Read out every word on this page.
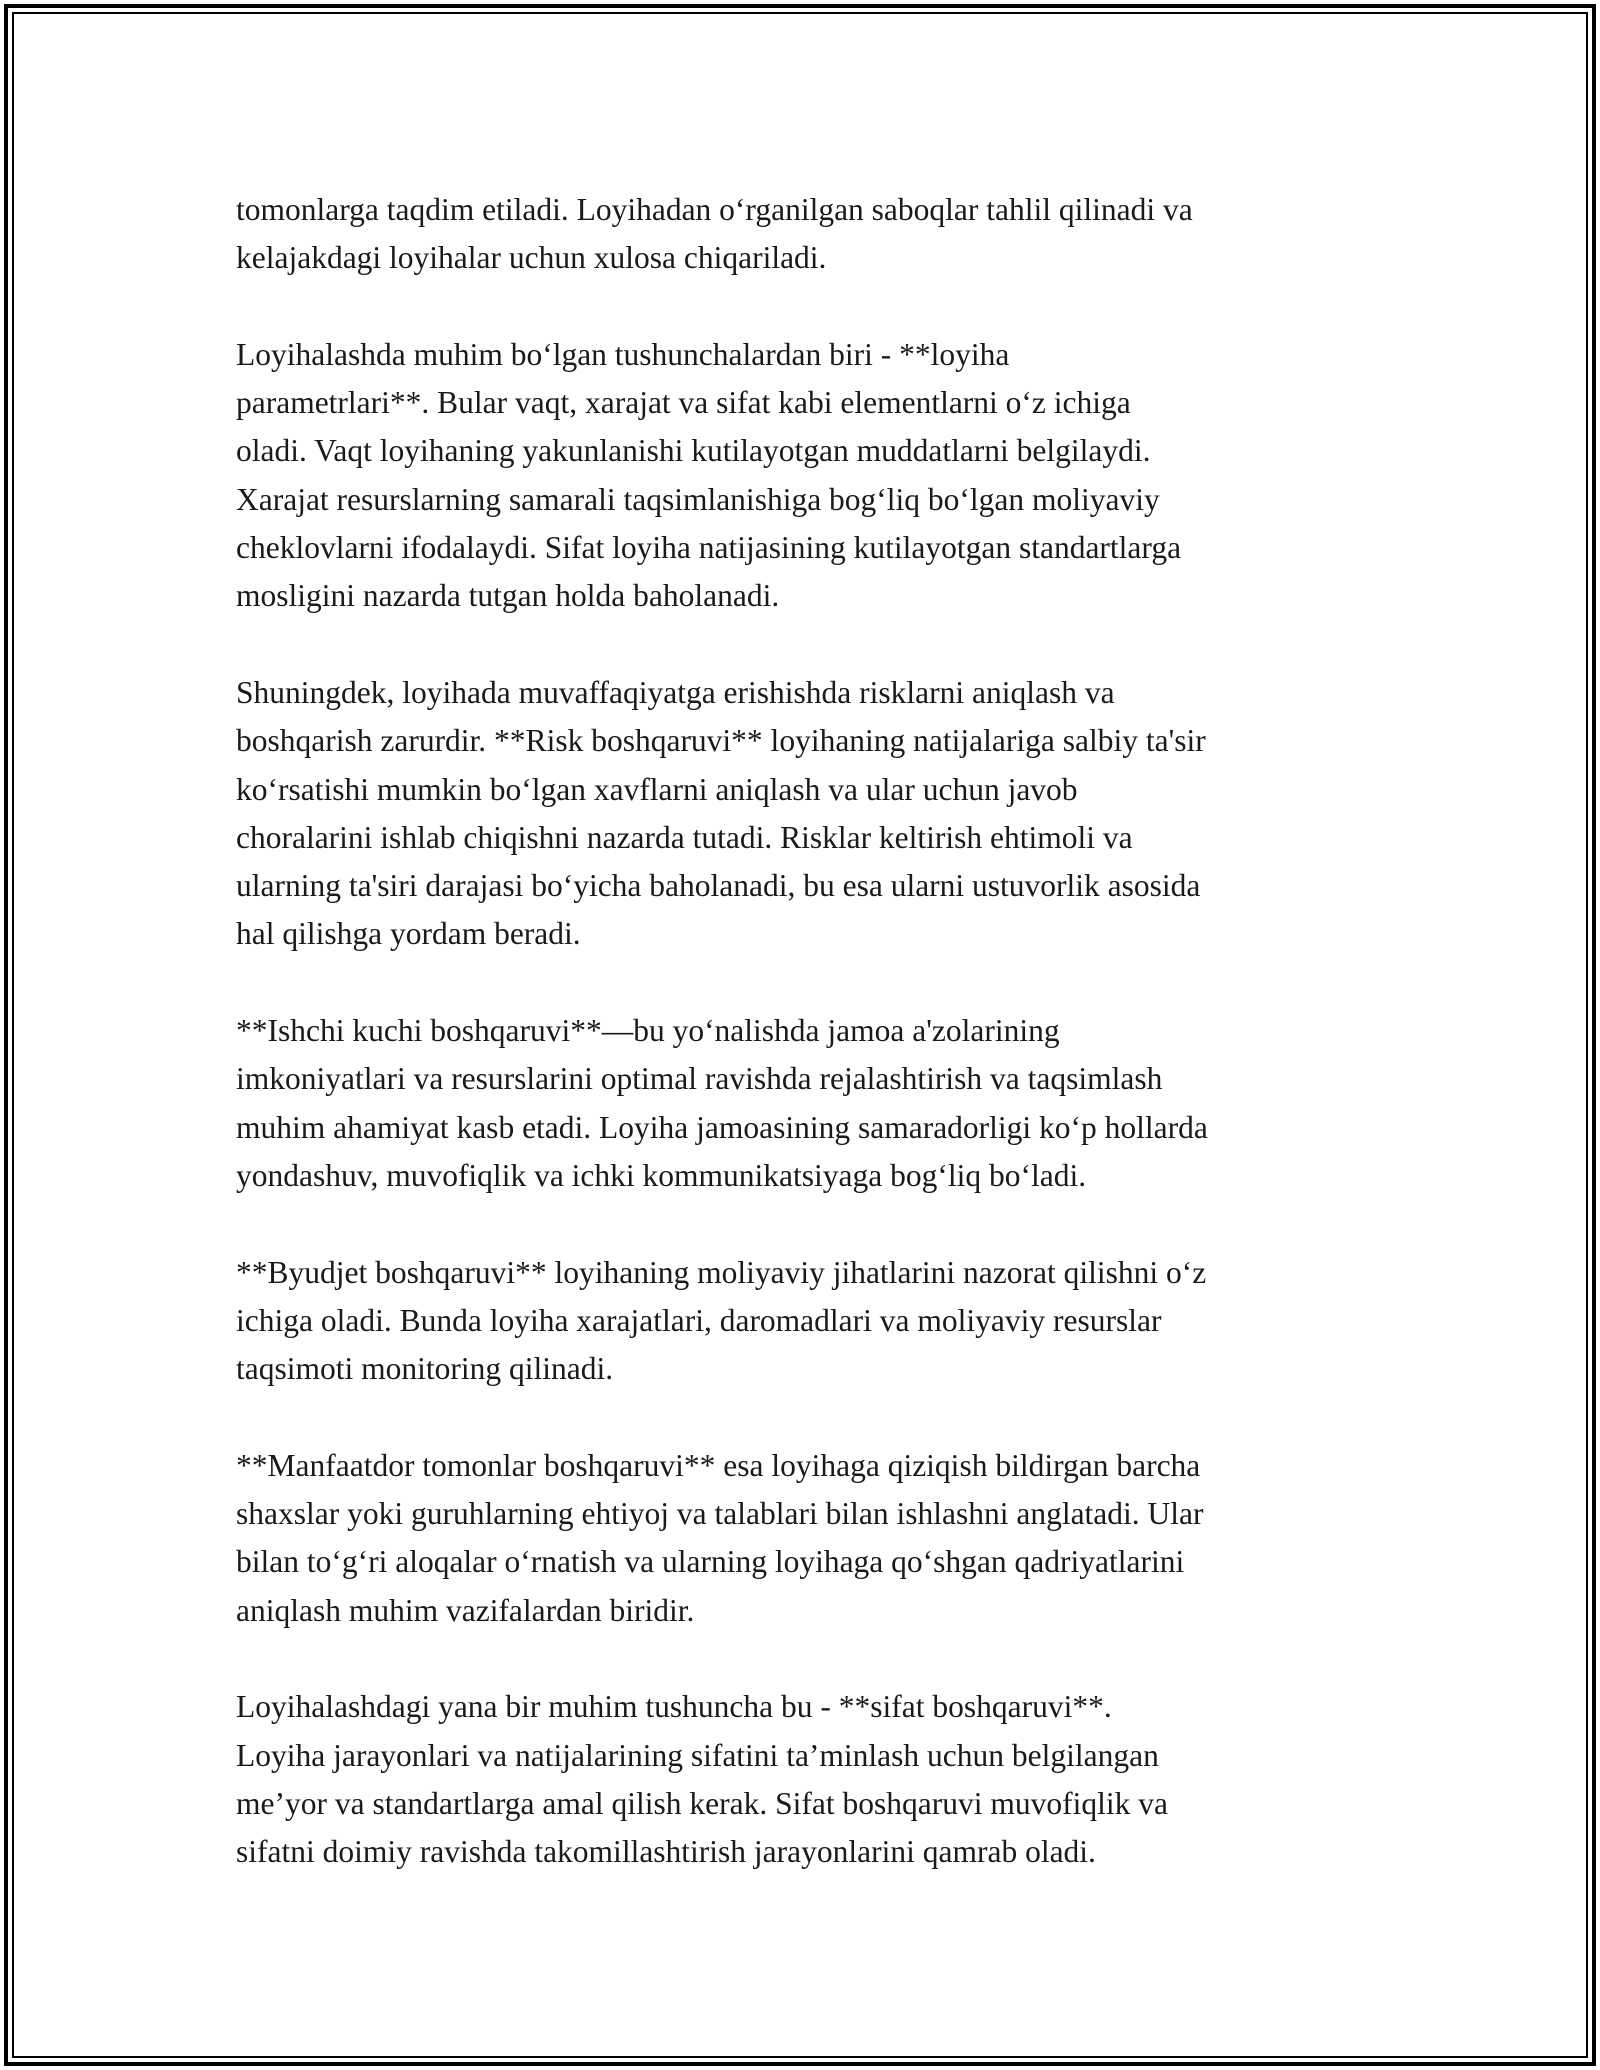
tomonlarga taqdim etiladi. Loyihadan oʻrganilgan saboqlar tahlil qilinadi va
kelajakdagi loyihalar uchun xulosa chiqariladi.

Loyihalashda muhim boʻlgan tushunchalardan biri - **loyiha
parametrlari**. Bular vaqt, xarajat va sifat kabi elementlarni oʻz ichiga
oladi. Vaqt loyihaning yakunlanishi kutilayotgan muddatlarni belgilaydi.
Xarajat resurslarning samarali taqsimlanishiga bogʻliq boʻlgan moliyaviy
cheklovlarni ifodalaydi. Sifat loyiha natijasining kutilayotgan standartlarga
mosligini nazarda tutgan holda baholanadi.

Shuningdek, loyihada muvaffaqiyatga erishishda risklarni aniqlash va
boshqarish zarurdir. **Risk boshqaruvi** loyihaning natijalariga salbiy ta'sir
koʻrsatishi mumkin boʻlgan xavflarni aniqlash va ular uchun javob
choralarini ishlab chiqishni nazarda tutadi. Risklar keltirish ehtimoli va
ularning ta'siri darajasi boʻyicha baholanadi, bu esa ularni ustuvorlik asosida
hal qilishga yordam beradi.

**Ishchi kuchi boshqaruvi**—bu yoʻnalishda jamoa a'zolarining
imkoniyatlari va resurslarini optimal ravishda rejalashtirish va taqsimlash
muhim ahamiyat kasb etadi. Loyiha jamoasining samaradorligi koʻp hollarda
yondashuv, muvofiqlik va ichki kommunikatsiyaga bogʻliq boʻladi.

**Byudjet boshqaruvi** loyihaning moliyaviy jihatlarini nazorat qilishni oʻz
ichiga oladi. Bunda loyiha xarajatlari, daromadlari va moliyaviy resurslar
taqsimoti monitoring qilinadi.

**Manfaatdor tomonlar boshqaruvi** esa loyihaga qiziqish bildirgan barcha
shaxslar yoki guruhlarning ehtiyoj va talablari bilan ishlashni anglatadi. Ular
bilan toʻgʻri aloqalar oʻrnatish va ularning loyihaga qoʻshgan qadriyatlarini
aniqlash muhim vazifalardan biridir.

Loyihalashdagi yana bir muhim tushuncha bu - **sifat boshqaruvi**.
Loyiha jarayonlari va natijalarining sifatini ta’minlash uchun belgilangan
me’yor va standartlarga amal qilish kerak. Sifat boshqaruvi muvofiqlik va
sifatni doimiy ravishda takomillashtirish jarayonlarini qamrab oladi.
